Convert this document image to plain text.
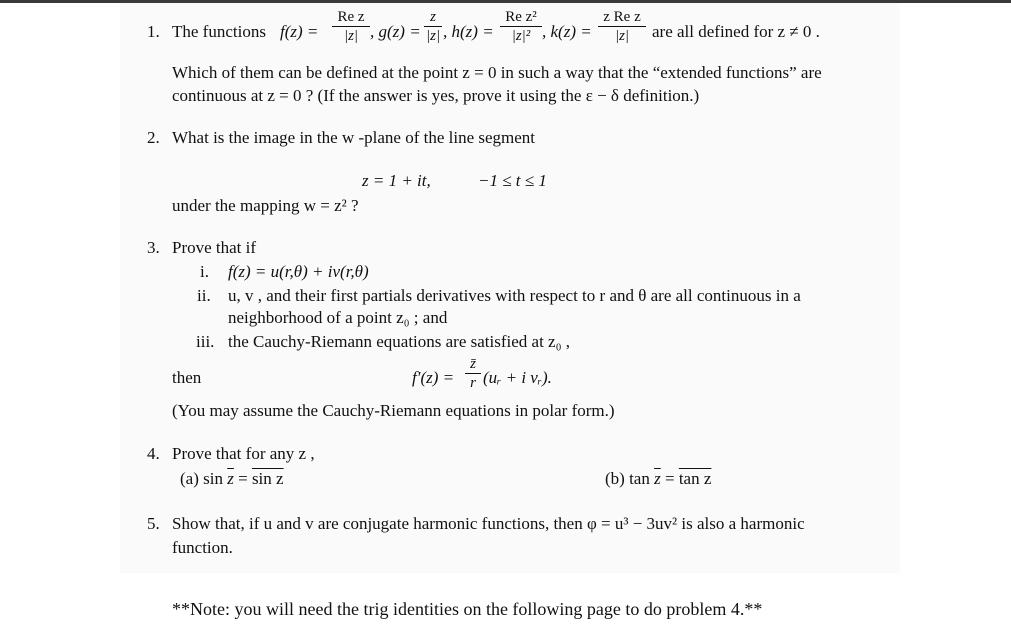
1. The functions f(z) =
Re z
|z| , g(z) =
z
|z| , h(z) =
Re z²
|z|² , k(z) =
z Re z
|z|	are all defined for z ≠ 0 .
Which of them can be defined at the point z = 0 in such a way that the “extended functions” are
continuous at z = 0 ? (If the answer is yes, prove it using the ε − δ definition.)
2. What is the image in the w -plane of the line segment
z = 1 + it,	−1 ≤ t ≤ 1
under the mapping w = z² ?
3. Prove that if
i. f(z) = u(r,θ) + iv(r,θ)
ii. u, v , and their first partials derivatives with respect to r and θ are all continuous in a
neighborhood of a point z₀ ; and
iii. the Cauchy-Riemann equations are satisfied at z₀ ,
then	f′(z) =
z̄
r (uᵣ + i vᵣ).
(You may assume the Cauchy-Riemann equations in polar form.)
4. Prove that for any z ,
(a) $\sin \overline{z} = \sin z$	(b) $\tan \overline{z} = \tan z$
5. Show that, if u and v are conjugate harmonic functions, then φ = u³ − 3uv² is also a harmonic
function.
**Note: you will need the trig identities on the following page to do problem 4.**
